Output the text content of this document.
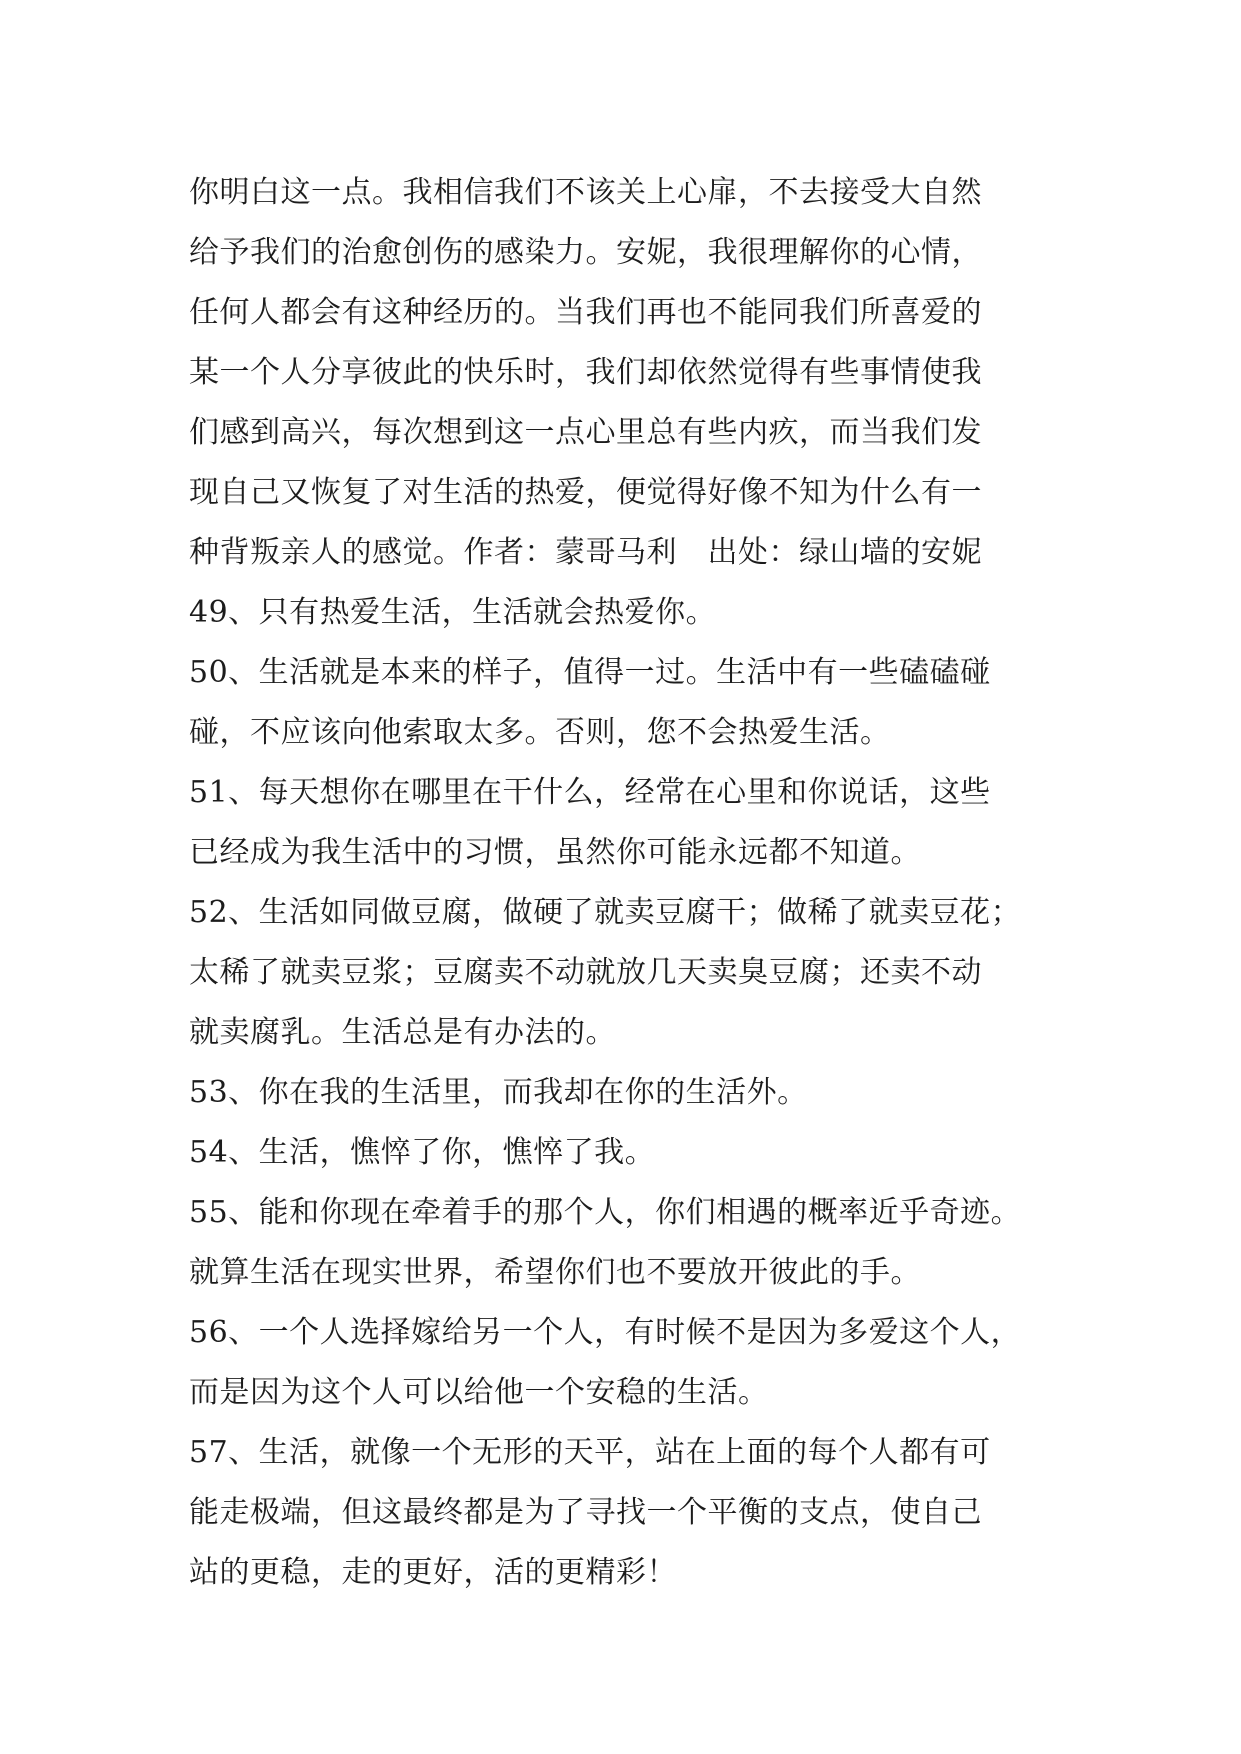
你明白这一点。我相信我们不该关上心扉，不去接受大自然
给予我们的治愈创伤的感染力。安妮，我很理解你的心情，
任何人都会有这种经历的。当我们再也不能同我们所喜爱的
某一个人分享彼此的快乐时，我们却依然觉得有些事情使我
们感到高兴，每次想到这一点心里总有些内疚，而当我们发
现自己又恢复了对生活的热爱，便觉得好像不知为什么有一
种背叛亲人的感觉。作者：蒙哥马利　出处：绿山墙的安妮
49、只有热爱生活，生活就会热爱你。
50、生活就是本来的样子，值得一过。生活中有一些磕磕碰
碰，不应该向他索取太多。否则，您不会热爱生活。
51、每天想你在哪里在干什么，经常在心里和你说话，这些
已经成为我生活中的习惯，虽然你可能永远都不知道。
52、生活如同做豆腐，做硬了就卖豆腐干；做稀了就卖豆花；
太稀了就卖豆浆；豆腐卖不动就放几天卖臭豆腐；还卖不动
就卖腐乳。生活总是有办法的。
53、你在我的生活里，而我却在你的生活外。
54、生活，憔悴了你，憔悴了我。
55、能和你现在牵着手的那个人，你们相遇的概率近乎奇迹。
就算生活在现实世界，希望你们也不要放开彼此的手。
56、一个人选择嫁给另一个人，有时候不是因为多爱这个人，
而是因为这个人可以给他一个安稳的生活。
57、生活，就像一个无形的天平，站在上面的每个人都有可
能走极端，但这最终都是为了寻找一个平衡的支点，使自己
站的更稳，走的更好，活的更精彩！
